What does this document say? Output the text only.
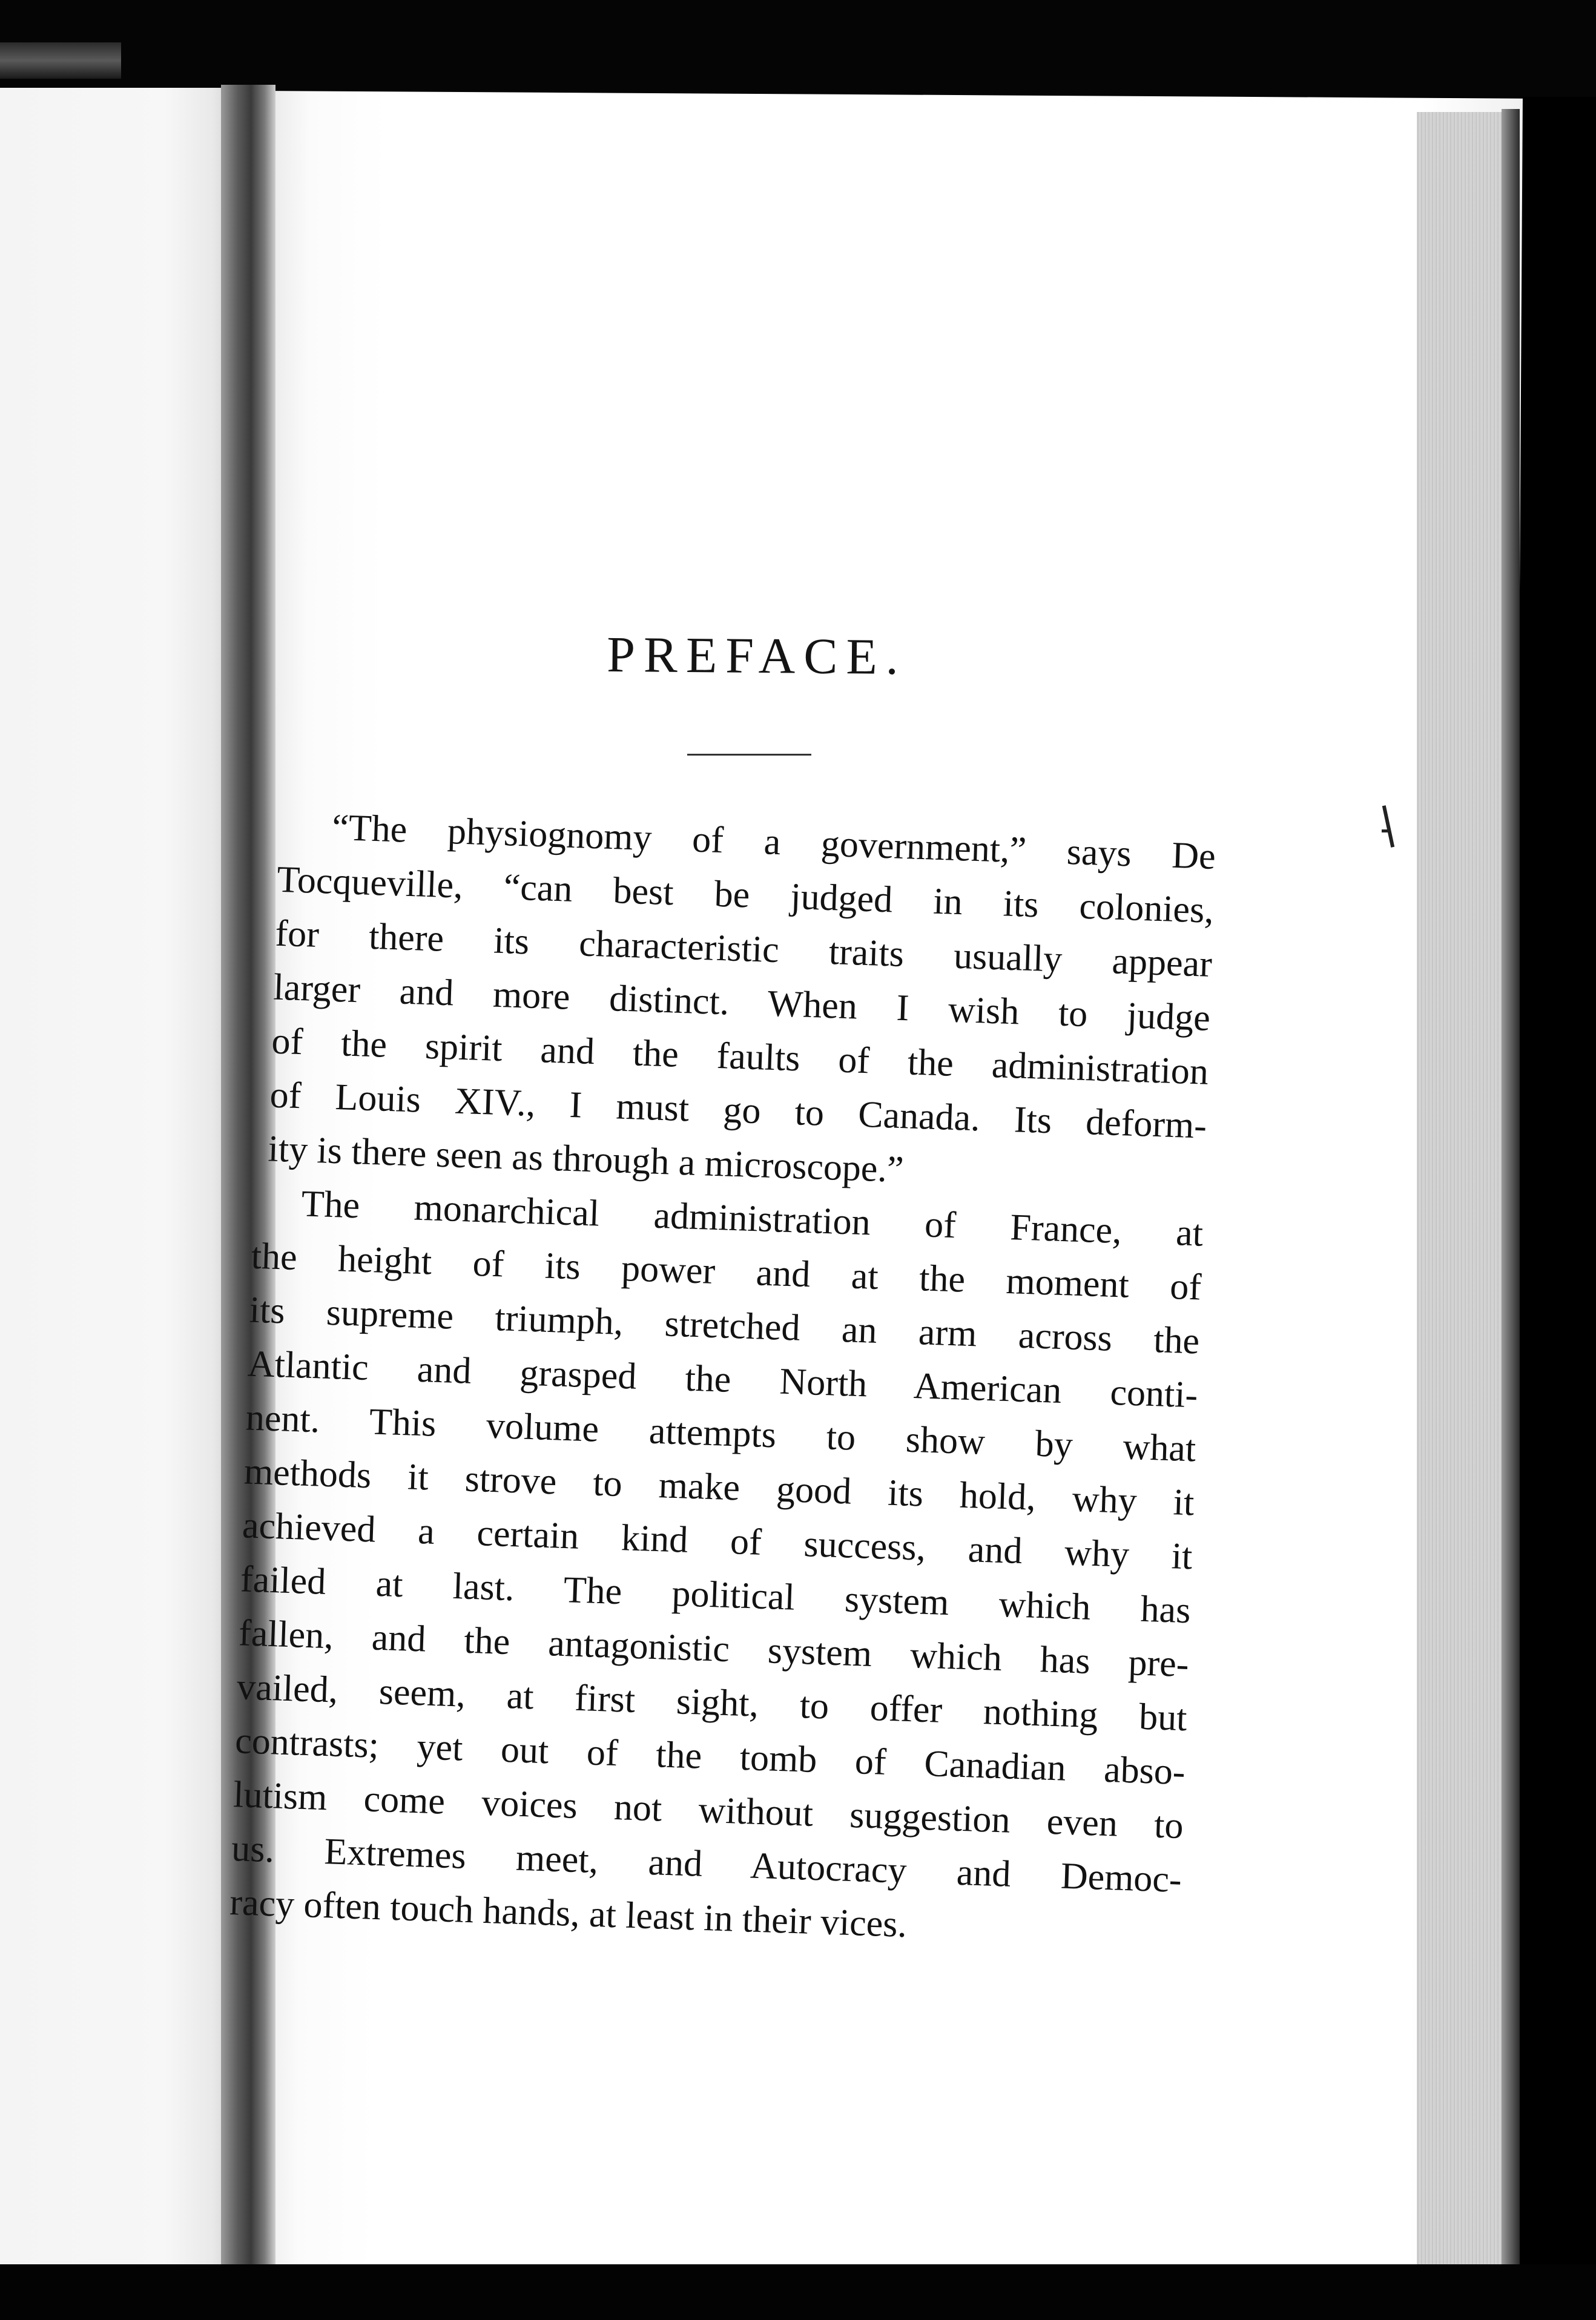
PREFACE.

“The physiognomy of a government,” says De
Tocqueville, “can best be judged in its colonies,
for there its characteristic traits usually appear
larger and more distinct. When I wish to judge
of the spirit and the faults of the administration
of Louis XIV., I must go to Canada. Its deform-
ity is there seen as through a microscope.”

The monarchical administration of France, at
the height of its power and at the moment of
its supreme triumph, stretched an arm across the
Atlantic and grasped the North American conti-
nent. This volume attempts to show by what
methods it strove to make good its hold, why it
achieved a certain kind of success, and why it
failed at last. The political system which has
fallen, and the antagonistic system which has pre-
vailed, seem, at first sight, to offer nothing but
contrasts; yet out of the tomb of Canadian abso-
lutism come voices not without suggestion even to
us. Extremes meet, and Autocracy and Democ-
racy often touch hands, at least in their vices.
